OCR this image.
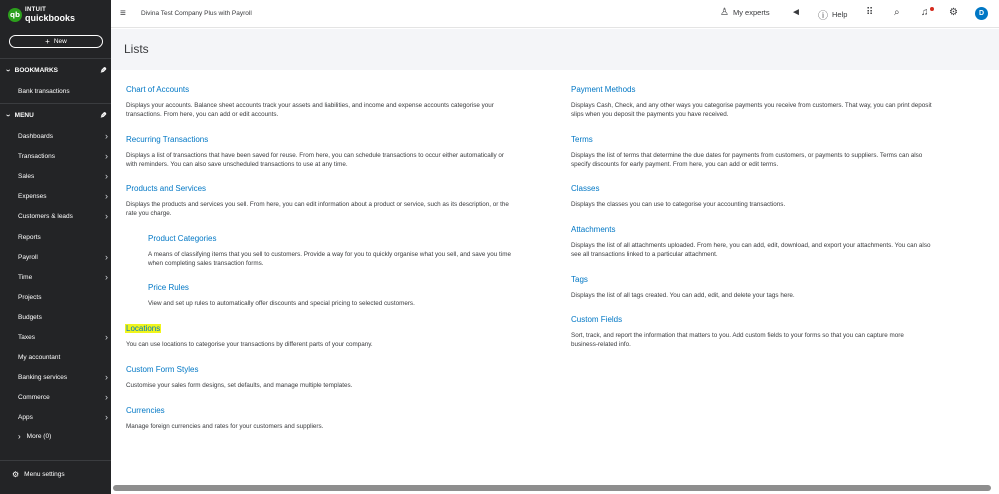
qb
INTUIT
quickbooks
+ New
› BOOKMARKS	✎
Bank transactions
› MENU	✎
Dashboards	›
Transactions	›
Sales	›
Expenses	›
Customers & leads	›
Reports
Payroll	›
Time	›
Projects
Budgets
Taxes	›
My accountant
Banking services	›
Commerce	›
Apps	›
› More (0)
⚙ Menu settings
≡ Divina Test Company Plus with Payroll	♙ My experts ◄ ⓘ Help ⠿ ⌕ ♫ ⚙	D
Lists
Chart of Accounts
Displays your accounts. Balance sheet accounts track your assets and liabilities, and income and expense accounts categorise your
transactions. From here, you can add or edit accounts.
Recurring Transactions
Displays a list of transactions that have been saved for reuse. From here, you can schedule transactions to occur either automatically or
with reminders. You can also save unscheduled transactions to use at any time.
Products and Services
Displays the products and services you sell. From here, you can edit information about a product or service, such as its description, or the
rate you charge.
Product Categories
A means of classifying items that you sell to customers. Provide a way for you to quickly organise what you sell, and save you time
when completing sales transaction forms.
Price Rules
View and set up rules to automatically offer discounts and special pricing to selected customers.
Locations
You can use locations to categorise your transactions by different parts of your company.
Custom Form Styles
Customise your sales form designs, set defaults, and manage multiple templates.
Currencies
Manage foreign currencies and rates for your customers and suppliers.
Payment Methods
Displays Cash, Check, and any other ways you categorise payments you receive from customers. That way, you can print deposit
slips when you deposit the payments you have received.
Terms
Displays the list of terms that determine the due dates for payments from customers, or payments to suppliers. Terms can also
specify discounts for early payment. From here, you can add or edit terms.
Classes
Displays the classes you can use to categorise your accounting transactions.
Attachments
Displays the list of all attachments uploaded. From here, you can add, edit, download, and export your attachments. You can also
see all transactions linked to a particular attachment.
Tags
Displays the list of all tags created. You can add, edit, and delete your tags here.
Custom Fields
Sort, track, and report the information that matters to you. Add custom fields to your forms so that you can capture more
business-related info.
